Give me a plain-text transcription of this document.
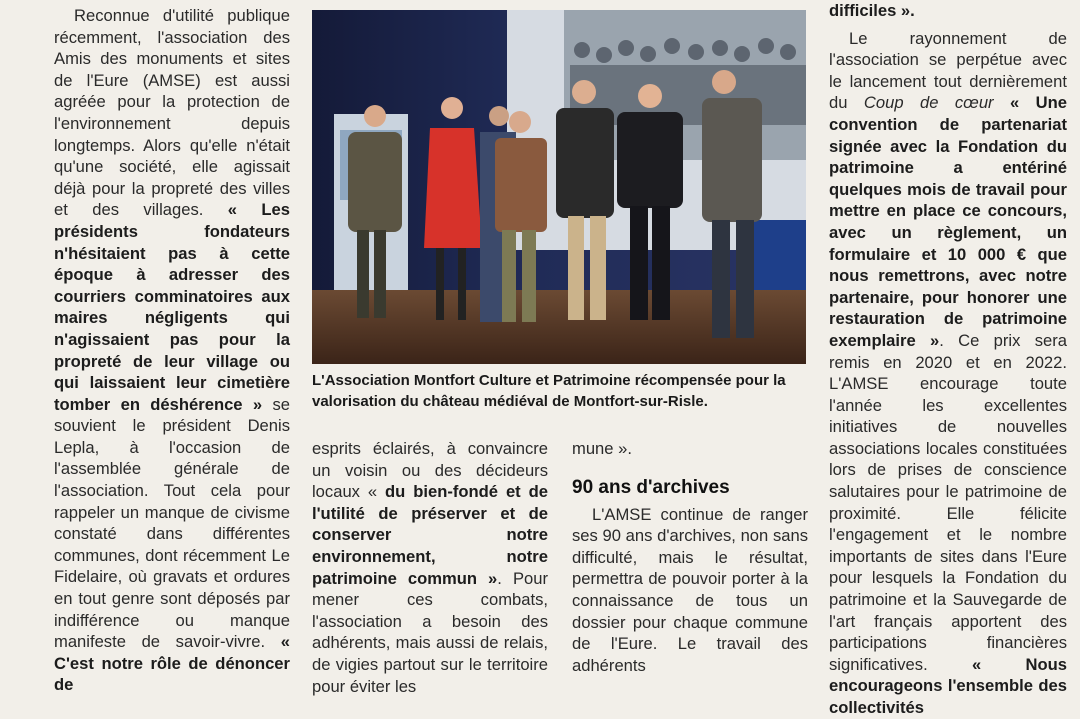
Reconnue d'utilité publique récemment, l'association des Amis des monuments et sites de l'Eure (AMSE) est aussi agréée pour la protection de l'environnement depuis longtemps. Alors qu'elle n'était qu'une société, elle agissait déjà pour la propreté des villes et des villages. « Les présidents fondateurs n'hésitaient pas à cette époque à adresser des courriers comminatoires aux maires négligents qui n'agissaient pas pour la propreté de leur village ou qui laissaient leur cimetière tomber en déshérence » se souvient le président Denis Lepla, à l'occasion de l'assemblée générale de l'association. Tout cela pour rappeler un manque de civisme constaté dans différentes communes, dont récemment Le Fidelaire, où gravats et ordures en tout genre sont déposés par indifférence ou manque manifeste de savoir-vivre. « C'est notre rôle de dénoncer de

L'Association Montfort Culture et Patrimoine récompensée pour la valorisation du château médiéval de Montfort-sur-Risle.

esprits éclairés, à convaincre un voisin ou des décideurs locaux « du bien-fondé et de l'utilité de préserver et de conserver notre environnement, notre patrimoine commun ». Pour mener ces combats, l'association a besoin des adhérents, mais aussi de relais, de vigies partout sur le territoire pour éviter les

mune ».

90 ans d'archives

L'AMSE continue de ranger ses 90 ans d'archives, non sans difficulté, mais le résultat, permettra de pouvoir porter à la connaissance de tous un dossier pour chaque commune de l'Eure. Le travail des adhérents

difficiles ».

Le rayonnement de l'association se perpétue avec le lancement tout dernièrement du Coup de cœur « Une convention de partenariat signée avec la Fondation du patrimoine a entériné quelques mois de travail pour mettre en place ce concours, avec un règlement, un formulaire et 10 000 € que nous remettrons, avec notre partenaire, pour honorer une restauration de patrimoine exemplaire ». Ce prix sera remis en 2020 et en 2022. L'AMSE encourage toute l'année les excellentes initiatives de nouvelles associations locales constituées lors de prises de conscience salutaires pour le patrimoine de proximité. Elle félicite l'engagement et le nombre importants de sites dans l'Eure pour lesquels la Fondation du patrimoine et la Sauvegarde de l'art français apportent des participations financières significatives. « Nous encourageons l'ensemble des collectivités
